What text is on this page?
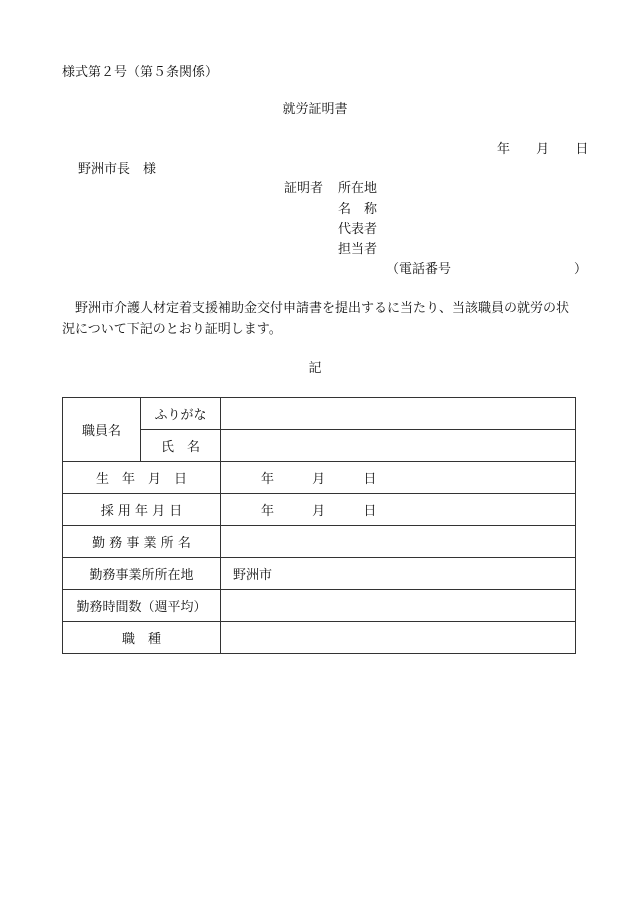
様式第２号（第５条関係）
就労証明書
年 月 日
野洲市長　様
証明者 所在地
名　称
代表者
担当者
（電話番号	）
野洲市介護人材定着支援補助金交付申請書を提出するに当たり、当該職員の就労の状況について下記のとおり証明します。
記
職員名	ふりがな	
	氏　名	
生　年　月　日		年 月 日
採 用 年 月 日		年 月 日
勤 務 事 業 所 名		
勤務事業所所在地		野洲市
勤務時間数（週平均）		
職　種		
